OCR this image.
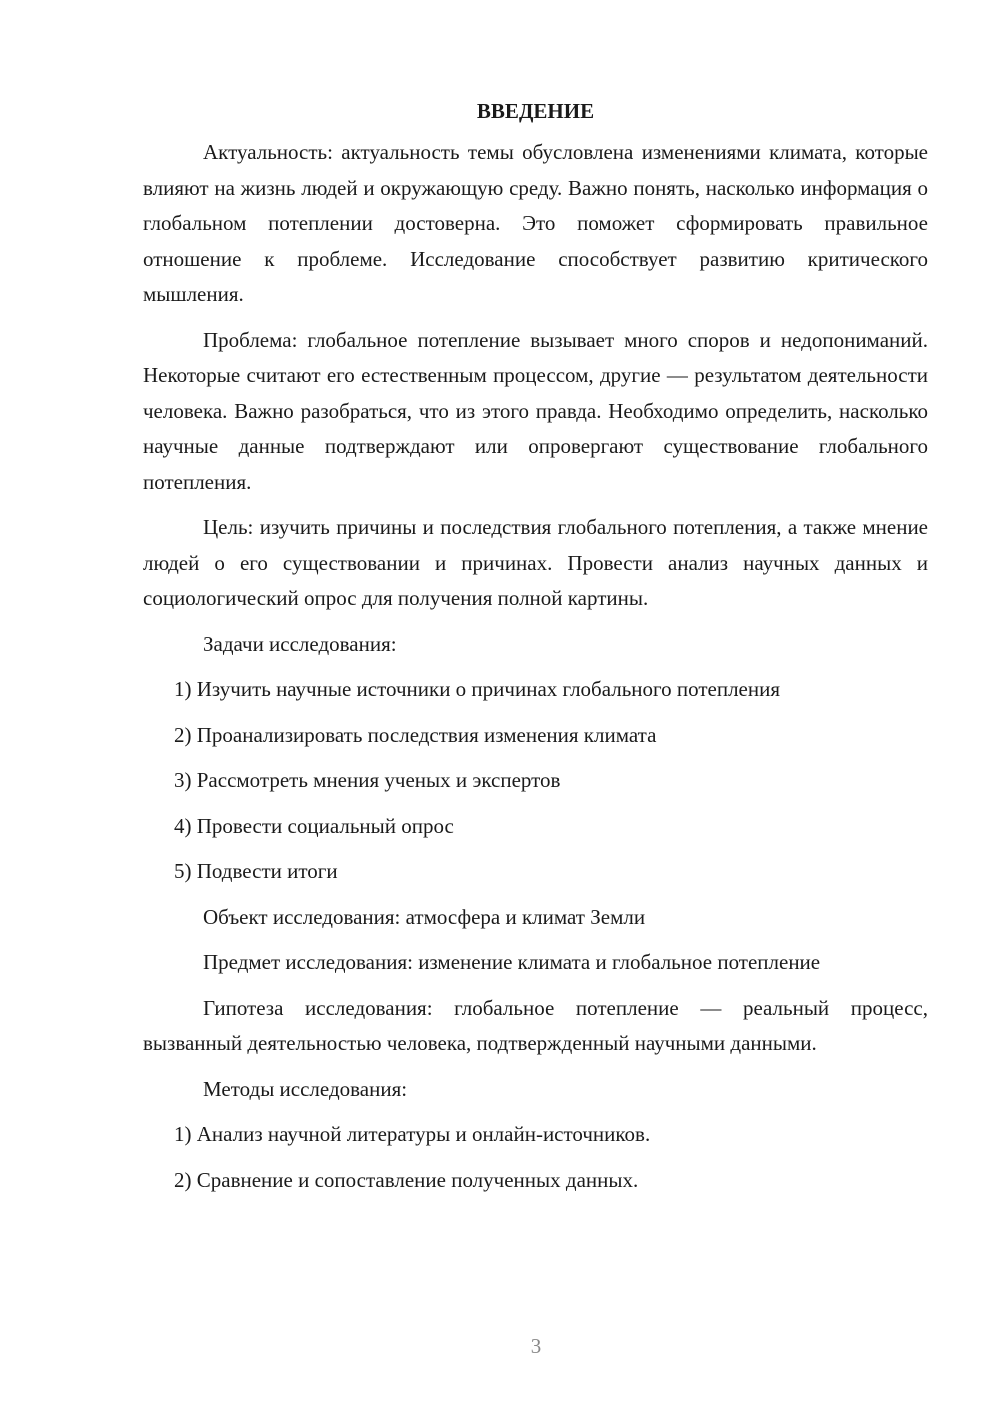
ВВЕДЕНИЕ

Актуальность: актуальность темы обусловлена изменениями климата, которые влияют на жизнь людей и окружающую среду. Важно понять, насколько информация о глобальном потеплении достоверна. Это поможет сформировать правильное отношение к проблеме. Исследование способствует развитию критического мышления.

Проблема: глобальное потепление вызывает много споров и недопониманий. Некоторые считают его естественным процессом, другие — результатом деятельности человека. Важно разобраться, что из этого правда. Необходимо определить, насколько научные данные подтверждают или опровергают существование глобального потепления.

Цель: изучить причины и последствия глобального потепления, а также мнение людей о его существовании и причинах. Провести анализ научных данных и социологический опрос для получения полной картины.

Задачи исследования:

1) Изучить научные источники о причинах глобального потепления
2) Проанализировать последствия изменения климата
3) Рассмотреть мнения ученых и экспертов
4) Провести социальный опрос
5) Подвести итоги

Объект исследования: атмосфера и климат Земли

Предмет исследования: изменение климата и глобальное потепление

Гипотеза исследования: глобальное потепление — реальный процесс, вызванный деятельностью человека, подтвержденный научными данными.

Методы исследования:

1) Анализ научной литературы и онлайн-источников.
2) Сравнение и сопоставление полученных данных.
3
